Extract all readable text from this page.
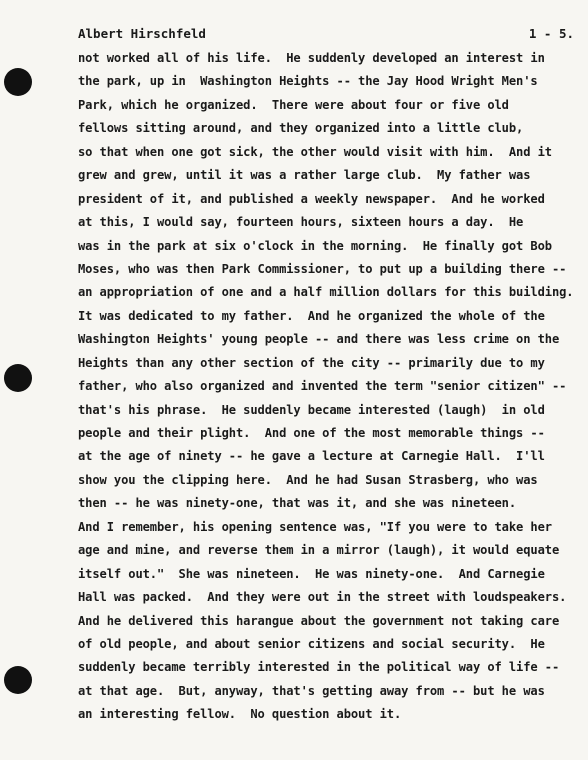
Albert Hirschfeld	1 - 5.
not worked all of his life.  He suddenly developed an interest in
the park, up in  Washington Heights -- the Jay Hood Wright Men's
Park, which he organized.  There were about four or five old
fellows sitting around, and they organized into a little club,
so that when one got sick, the other would visit with him.  And it
grew and grew, until it was a rather large club.  My father was
president of it, and published a weekly newspaper.  And he worked
at this, I would say, fourteen hours, sixteen hours a day.  He
was in the park at six o'clock in the morning.  He finally got Bob
Moses, who was then Park Commissioner, to put up a building there --
an appropriation of one and a half million dollars for this building.
It was dedicated to my father.  And he organized the whole of the
Washington Heights' young people -- and there was less crime on the
Heights than any other section of the city -- primarily due to my
father, who also organized and invented the term "senior citizen" --
that's his phrase.  He suddenly became interested (laugh)  in old
people and their plight.  And one of the most memorable things --
at the age of ninety -- he gave a lecture at Carnegie Hall.  I'll
show you the clipping here.  And he had Susan Strasberg, who was
then -- he was ninety-one, that was it, and she was nineteen.
And I remember, his opening sentence was, "If you were to take her
age and mine, and reverse them in a mirror (laugh), it would equate
itself out."  She was nineteen.  He was ninety-one.  And Carnegie
Hall was packed.  And they were out in the street with loudspeakers.
And he delivered this harangue about the government not taking care
of old people, and about senior citizens and social security.  He
suddenly became terribly interested in the political way of life --
at that age.  But, anyway, that's getting away from -- but he was
an interesting fellow.  No question about it.
